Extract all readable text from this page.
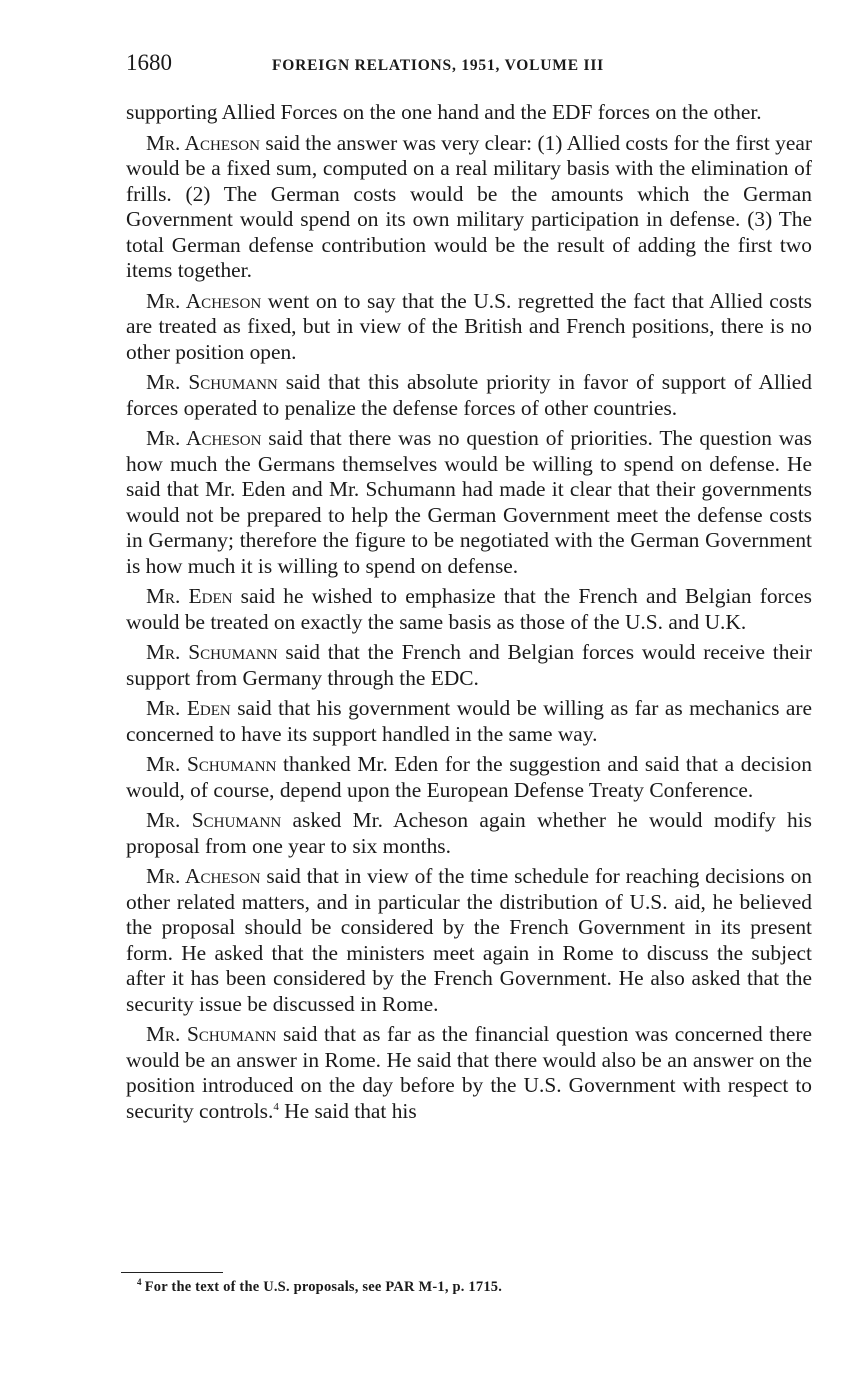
1680	FOREIGN RELATIONS, 1951, VOLUME III

supporting Allied Forces on the one hand and the EDF forces on the other.

Mr. Acheson said the answer was very clear: (1) Allied costs for the first year would be a fixed sum, computed on a real military basis with the elimination of frills. (2) The German costs would be the amounts which the German Government would spend on its own military participation in defense. (3) The total German defense contribution would be the result of adding the first two items together.

Mr. Acheson went on to say that the U.S. regretted the fact that Allied costs are treated as fixed, but in view of the British and French positions, there is no other position open.

Mr. Schumann said that this absolute priority in favor of support of Allied forces operated to penalize the defense forces of other countries.

Mr. Acheson said that there was no question of priorities. The question was how much the Germans themselves would be willing to spend on defense. He said that Mr. Eden and Mr. Schumann had made it clear that their governments would not be prepared to help the German Government meet the defense costs in Germany; therefore the figure to be negotiated with the German Government is how much it is willing to spend on defense.

Mr. Eden said he wished to emphasize that the French and Belgian forces would be treated on exactly the same basis as those of the U.S. and U.K.

Mr. Schumann said that the French and Belgian forces would receive their support from Germany through the EDC.

Mr. Eden said that his government would be willing as far as mechanics are concerned to have its support handled in the same way.

Mr. Schumann thanked Mr. Eden for the suggestion and said that a decision would, of course, depend upon the European Defense Treaty Conference.

Mr. Schumann asked Mr. Acheson again whether he would modify his proposal from one year to six months.

Mr. Acheson said that in view of the time schedule for reaching decisions on other related matters, and in particular the distribution of U.S. aid, he believed the proposal should be considered by the French Government in its present form. He asked that the ministers meet again in Rome to discuss the subject after it has been considered by the French Government. He also asked that the security issue be discussed in Rome.

Mr. Schumann said that as far as the financial question was concerned there would be an answer in Rome. He said that there would also be an answer on the position introduced on the day before by the U.S. Government with respect to security controls.$^4$ He said that his

$^4$ For the text of the U.S. proposals, see PAR M-1, p. 1715.
